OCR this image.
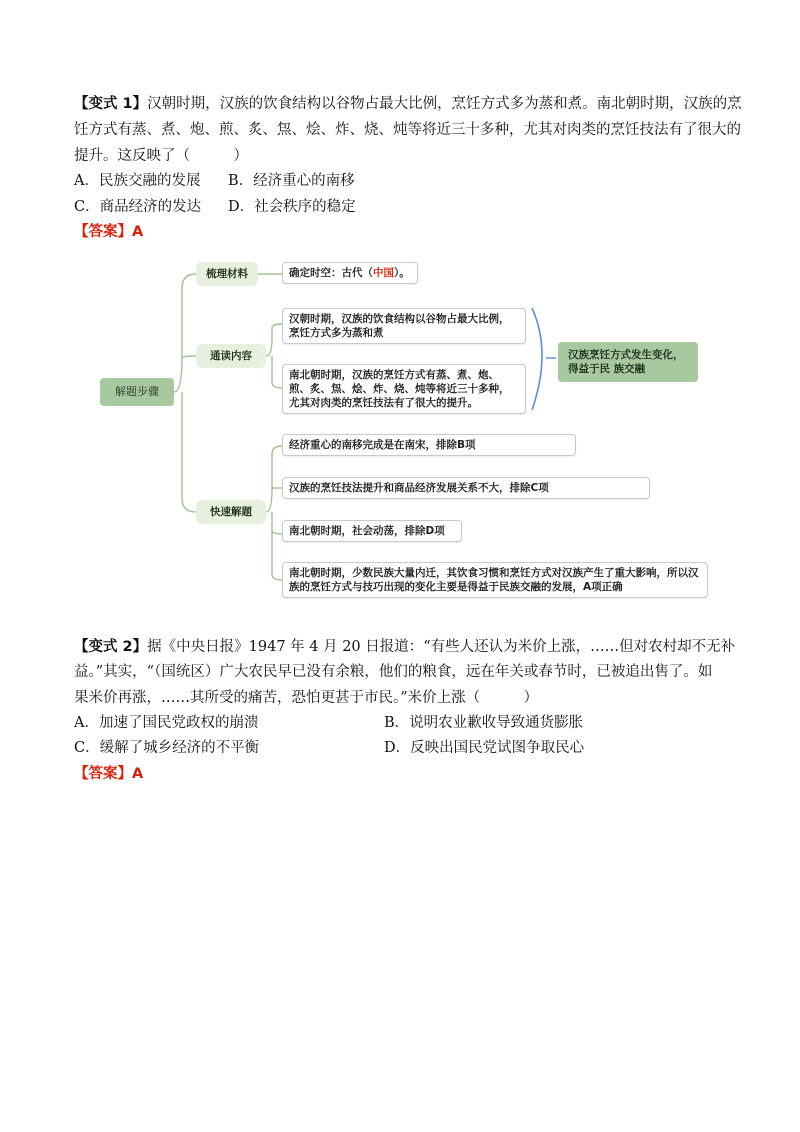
【变式 1】汉朝时期，汉族的饮食结构以谷物占最大比例，烹饪方式多为蒸和煮。南北朝时期，汉族的烹
饪方式有蒸、煮、炮、煎、炙、炰、烩、炸、烧、炖等将近三十多种，尤其对肉类的烹饪技法有了很大的
提升。这反映了（　　　）
A．民族交融的发展 B．经济重心的南移
C．商品经济的发达 D．社会秩序的稳定
【答案】A
解题步骤
梳理材料
通读内容
快速解题
确定时空：古代（中国）。
汉朝时期，汉族的饮食结构以谷物占最大比例，烹饪方式多为蒸和煮
南北朝时期，汉族的烹饪方式有蒸、煮、炮、煎、炙、炰、烩、炸、烧、炖等将近三十多种，尤其对肉类的烹饪技法有了很大的提升。
汉族烹饪方式发生变化，得益于民 族交融
经济重心的南移完成是在南宋，排除B项
汉族的烹饪技法提升和商品经济发展关系不大，排除C项
南北朝时期，社会动荡，排除D项
南北朝时期，少数民族大量内迁，其饮食习惯和烹饪方式对汉族产生了重大影响，所以汉族的烹饪方式与技巧出现的变化主要是得益于民族交融的发展，A项正确
【变式 2】据《中央日报》1947 年 4 月 20 日报道：“有些人还认为米价上涨，……但对农村却不无补
益。”其实，“（国统区）广大农民早已没有余粮，他们的粮食，远在年关或春节时，已被追出售了。如
果米价再涨，……其所受的痛苦，恐怕更甚于市民。”米价上涨（　　　）
A．加速了国民党政权的崩溃	B．说明农业歉收导致通货膨胀
C．缓解了城乡经济的不平衡	D．反映出国民党试图争取民心
【答案】A
